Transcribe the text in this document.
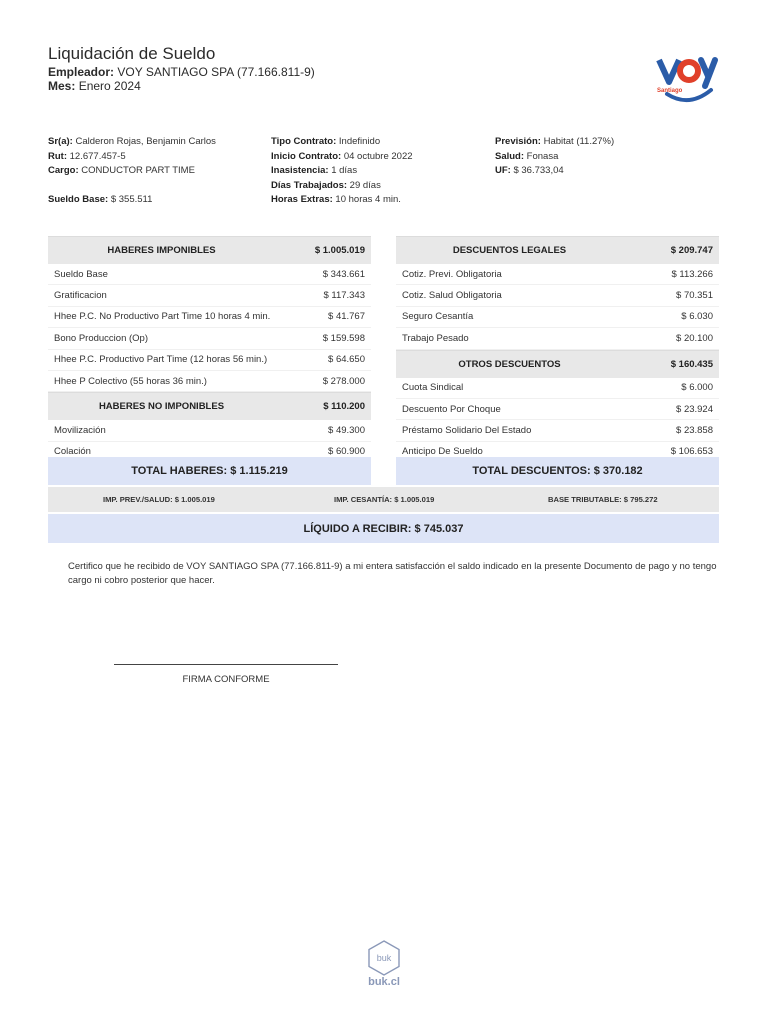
Liquidación de Sueldo
Empleador: VOY SANTIAGO SPA (77.166.811-9)
Mes: Enero 2024	Santiago
Sr(a): Calderon Rojas, Benjamin Carlos
Rut: 12.677.457-5
Cargo: CONDUCTOR PART TIME
Sueldo Base: $ 355.511
Tipo Contrato: Indefinido
Inicio Contrato: 04 octubre 2022
Inasistencia: 1 días
Días Trabajados: 29 días
Horas Extras: 10 horas 4 min.
Previsión: Habitat (11.27%)
Salud: Fonasa
UF: $ 36.733,04
HABERES IMPONIBLES	$ 1.005.019
Sueldo Base	$ 343.661
Gratificacion	$ 117.343
Hhee P.C. No Productivo Part Time 10 horas 4 min.	$ 41.767
Bono Produccion (Op)	$ 159.598
Hhee P.C. Productivo Part Time (12 horas 56 min.)	$ 64.650
Hhee P Colectivo (55 horas 36 min.)	$ 278.000
HABERES NO IMPONIBLES	$ 110.200
Movilización	$ 49.300
Colación	$ 60.900
DESCUENTOS LEGALES	$ 209.747
Cotiz. Previ. Obligatoria	$ 113.266
Cotiz. Salud Obligatoria	$ 70.351
Seguro Cesantía	$ 6.030
Trabajo Pesado	$ 20.100
OTROS DESCUENTOS	$ 160.435
Cuota Sindical	$ 6.000
Descuento Por Choque	$ 23.924
Préstamo Solidario Del Estado	$ 23.858
Anticipo De Sueldo	$ 106.653
TOTAL HABERES: $ 1.115.219	TOTAL DESCUENTOS: $ 370.182
IMP. PREV./SALUD: $ 1.005.019	IMP. CESANTÍA: $ 1.005.019	BASE TRIBUTABLE: $ 795.272
LÍQUIDO A RECIBIR: $ 745.037
Certifico que he recibido de VOY SANTIAGO SPA (77.166.811-9) a mi entera satisfacción el saldo indicado en la presente Documento de pago y no tengo cargo ni cobro posterior que hacer.
FIRMA CONFORME
buk
buk.cl
